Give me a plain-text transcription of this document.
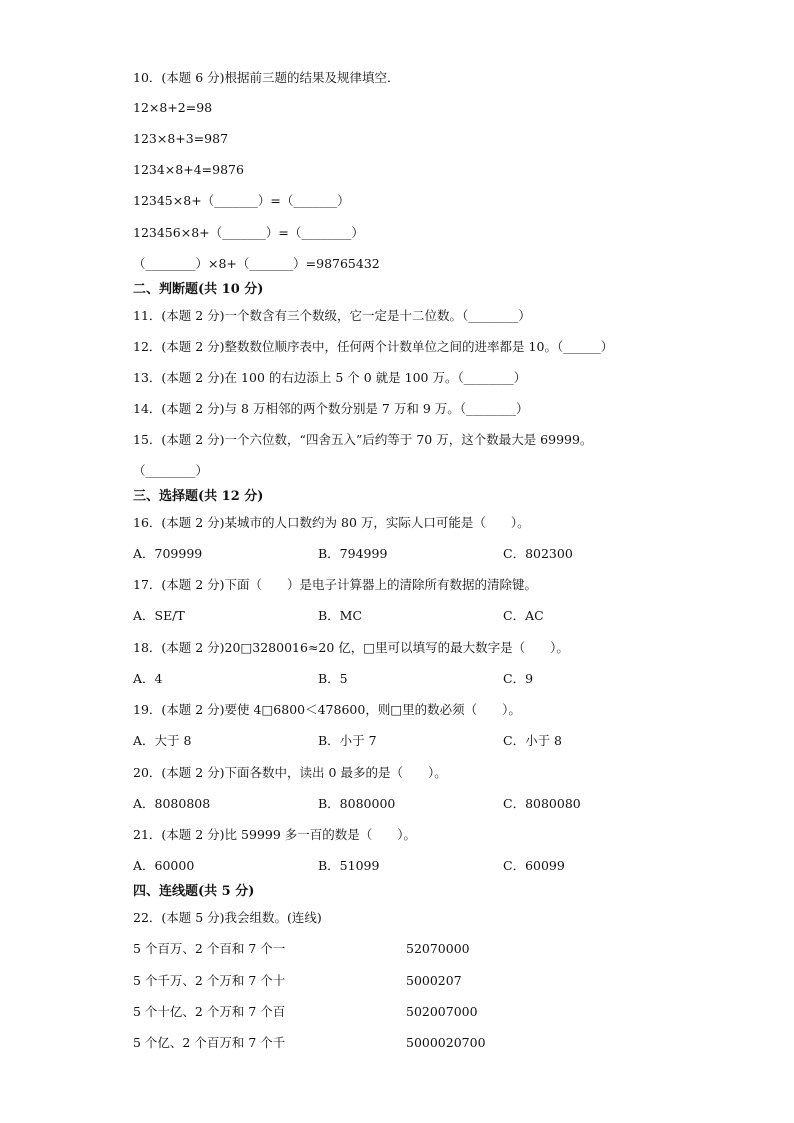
10．(本题 6 分)根据前三题的结果及规律填空．
12×8+2=98
123×8+3=987
1234×8+4=9876
12345×8+（_______）=（_______）
123456×8+（_______）=（________）
（________）×8+（_______）=98765432
二、判断题(共 10 分)
11．(本题 2 分)一个数含有三个数级，它一定是十二位数。（________）
12．(本题 2 分)整数数位顺序表中，任何两个计数单位之间的进率都是 10。（______）
13．(本题 2 分)在 100 的右边添上 5 个 0 就是 100 万。（________）
14．(本题 2 分)与 8 万相邻的两个数分别是 7 万和 9 万。（________）
15．(本题 2 分)一个六位数，“四舍五入”后约等于 70 万，这个数最大是 69999。
（________）
三、选择题(共 12 分)
16．(本题 2 分)某城市的人口数约为 80 万，实际人口可能是（　　）。
A．709999	B．794999	C．802300
17．(本题 2 分)下面（　　）是电子计算器上的清除所有数据的清除键。
A．SE/T	B．MC	C．AC
18．(本题 2 分)20□3280016≈20 亿，□里可以填写的最大数字是（　　）。
A．4	B．5	C．9
19．(本题 2 分)要使 4□6800＜478600，则□里的数必须（　　）。
A．大于 8	B．小于 7	C．小于 8
20．(本题 2 分)下面各数中，读出 0 最多的是（　　）。
A．8080808	B．8080000	C．8080080
21．(本题 2 分)比 59999 多一百的数是（　　）。
A．60000	B．51099	C．60099
四、连线题(共 5 分)
22．(本题 5 分)我会组数。(连线)
5 个百万、2 个百和 7 个一	52070000
5 个千万、2 个万和 7 个十	5000207
5 个十亿、2 个万和 7 个百	502007000
5 个亿、2 个百万和 7 个千	5000020700
